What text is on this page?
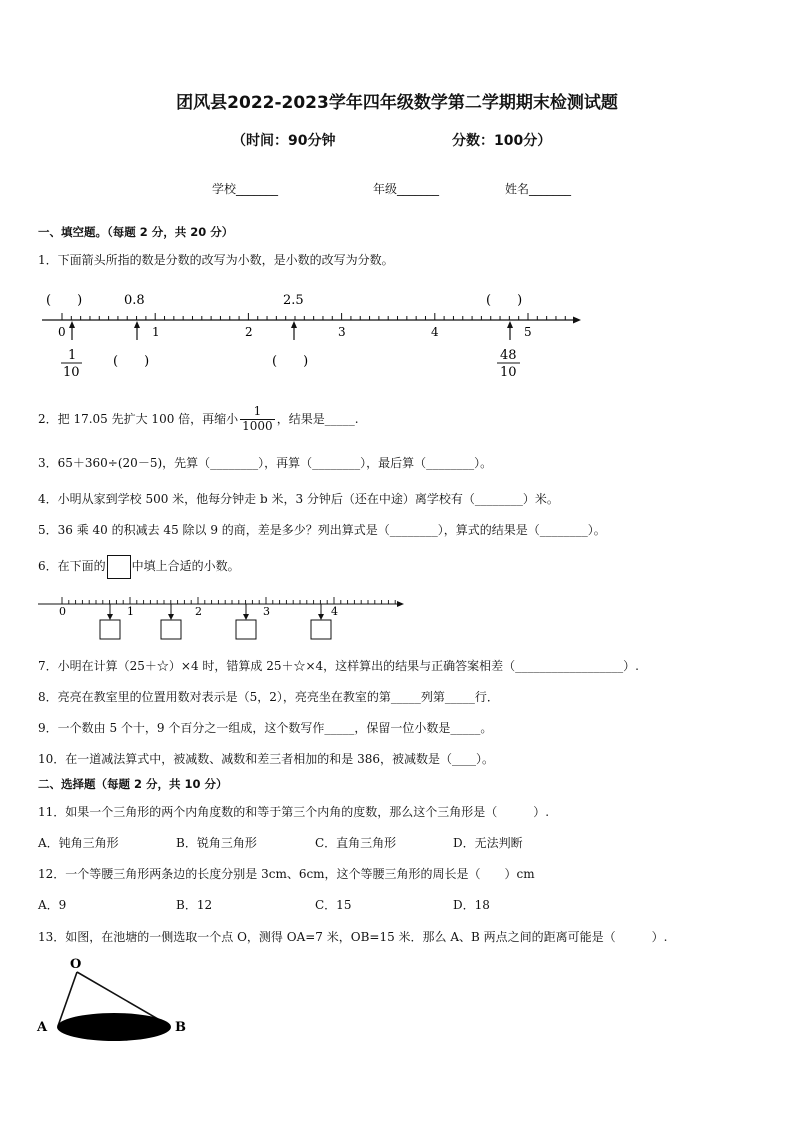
团风县2022-2023学年四年级数学第二学期期末检测试题
（时间：90分钟	分数：100分）
学校_______	年级_______	姓名_______
一、填空题。（每题 2 分，共 20 分）
1．下面箭头所指的数是分数的改写为小数，是小数的改写为分数。
(　　)	0.8	2.5	(　　)
0	1	2	3	4	5
1
10
(　　)	(　　)	48
10
2．把 17.05 先扩大 100 倍，再缩小 $\frac{1}{1000}$ ，结果是_____.
3．65＋360÷(20－5)，先算（________），再算（________），最后算（________）。
4．小明从家到学校 500 米，他每分钟走 b 米，3 分钟后（还在中途）离学校有（________）米。
5．36 乘 40 的积减去 45 除以 9 的商，差是多少？列出算式是（________），算式的结果是（________）。
6．在下面的 中填上合适的小数。
0	1	2	3	4
7．小明在计算（25＋☆）×4 时，错算成 25＋☆×4，这样算出的结果与正确答案相差（__________________）.
8．亮亮在教室里的位置用数对表示是（5，2），亮亮坐在教室的第_____列第_____行．
9．一个数由 5 个十，9 个百分之一组成，这个数写作_____，保留一位小数是_____。
10．在一道减法算式中，被减数、减数和差三者相加的和是 386，被减数是（____）。
二、选择题（每题 2 分，共 10 分）
11．如果一个三角形的两个内角度数的和等于第三个内角的度数，那么这个三角形是（　　　）.
A．钝角三角形	B．锐角三角形	C．直角三角形	D．无法判断
12．一个等腰三角形两条边的长度分别是 3cm、6cm，这个等腰三角形的周长是（　　）cm
A．9	B．12	C．15	D．18
13．如图，在池塘的一侧选取一个点 O，测得 OA=7 米，OB=15 米．那么 A、B 两点之间的距离可能是（　　　）.
O
A	B
